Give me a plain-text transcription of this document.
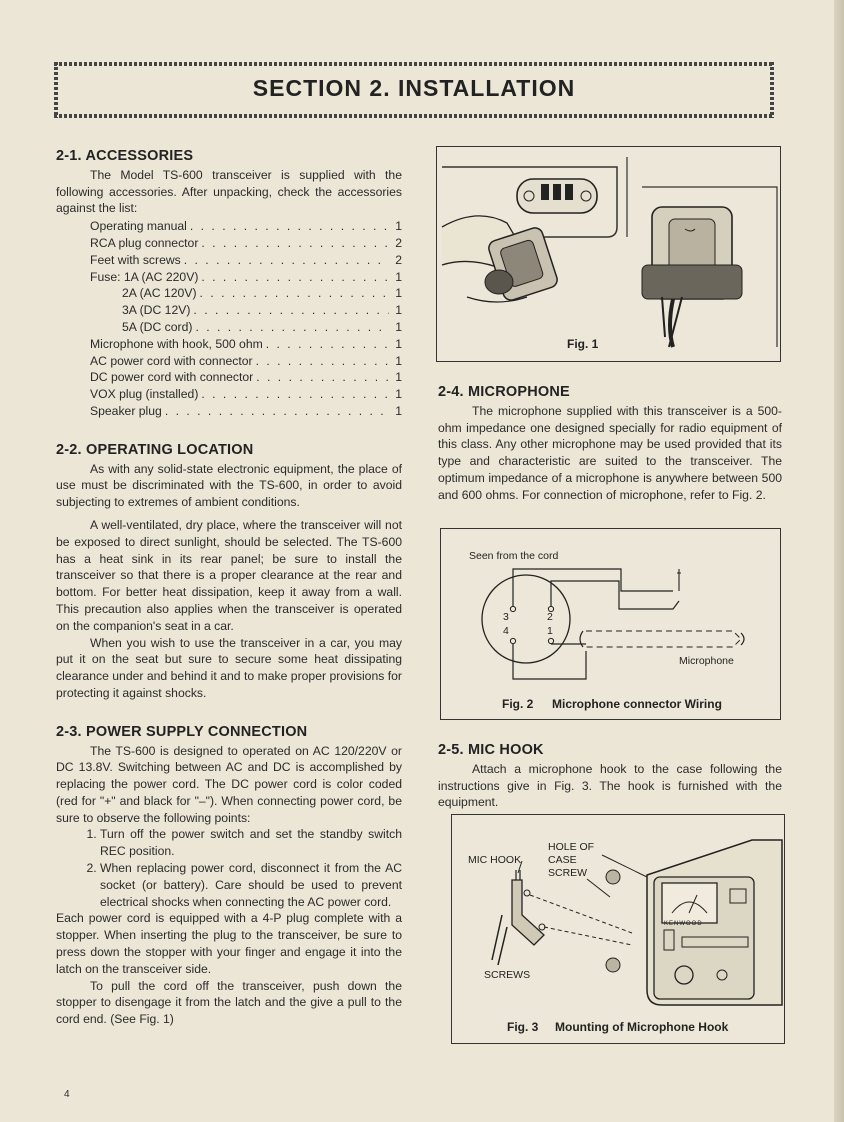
SECTION 2. INSTALLATION
2-1. ACCESSORIES

The Model TS-600 transceiver is supplied with the following accessories. After unpacking, check the accessories against the list:

Operating manual . . .	1
RCA plug connector . . .	2
Feet with screws . . .	2
Fuse: 1A (AC 220V) . . .	1
2A (AC 120V) . . .	1
3A (DC 12V) . . .	1
5A (DC cord) . . .	1
Microphone with hook, 500 ohm . . .	1
AC power cord with connector . . .	1
DC power cord with connector . . .	1
VOX plug (installed) . . .	1
Speaker plug . . .	1
2-2. OPERATING LOCATION

As with any solid-state electronic equipment, the place of use must be discriminated with the TS-600, in order to avoid subjecting to extremes of ambient conditions.

A well-ventilated, dry place, where the transceiver will not be exposed to direct sunlight, should be selected. The TS-600 has a heat sink in its rear panel; be sure to install the transceiver so that there is a proper clearance at the rear and bottom. For better heat dissipation, keep it away from a wall. This precaution also applies when the transceiver is operated on the companion's seat in a car.

When you wish to use the transceiver in a car, you may put it on the seat but sure to secure some heat dissipating clearance under and behind it and to make proper provisions for protecting it against shocks.

2-3. POWER SUPPLY CONNECTION

The TS-600 is designed to operated on AC 120/220V or DC 13.8V. Switching between AC and DC is accomplished by replacing the power cord. The DC power cord is color coded (red for "+" and black for "–"). When connecting power cord, be sure to observe the following points:

1. Turn off the power switch and set the standby switch REC position.
2. When replacing power cord, disconnect it from the AC socket (or battery). Care should be used to prevent electrical shocks when connecting the AC power cord.

Each power cord is equipped with a 4-P plug complete with a stopper. When inserting the plug to the transceiver, be sure to press down the stopper with your finger and engage it into the latch on the transceiver side.

To pull the cord off the transceiver, push down the stopper to disengage it from the latch and the give a pull to the cord end. (See Fig. 1)

Fig. 1
2-4. MICROPHONE

The microphone supplied with this transceiver is a 500-ohm impedance one designed specially for radio equipment of this class. Any other microphone may be used provided that its type and characteristic are suited to the transceiver. The optimum impedance of a microphone is anywhere between 500 and 600 ohms. For connection of microphone, refer to Fig. 2.

Seen from the cord
3	2
4	1
Microphone
Fig. 2 Microphone connector Wiring
2-5. MIC HOOK

Attach a microphone hook to the case following the instructions give in Fig. 3. The hook is furnished with the equipment.

HOLE OF
CASE
SCREW
MIC HOOK
SCREWS
KENWOOD
Fig. 3 Mounting of Microphone Hook
4
